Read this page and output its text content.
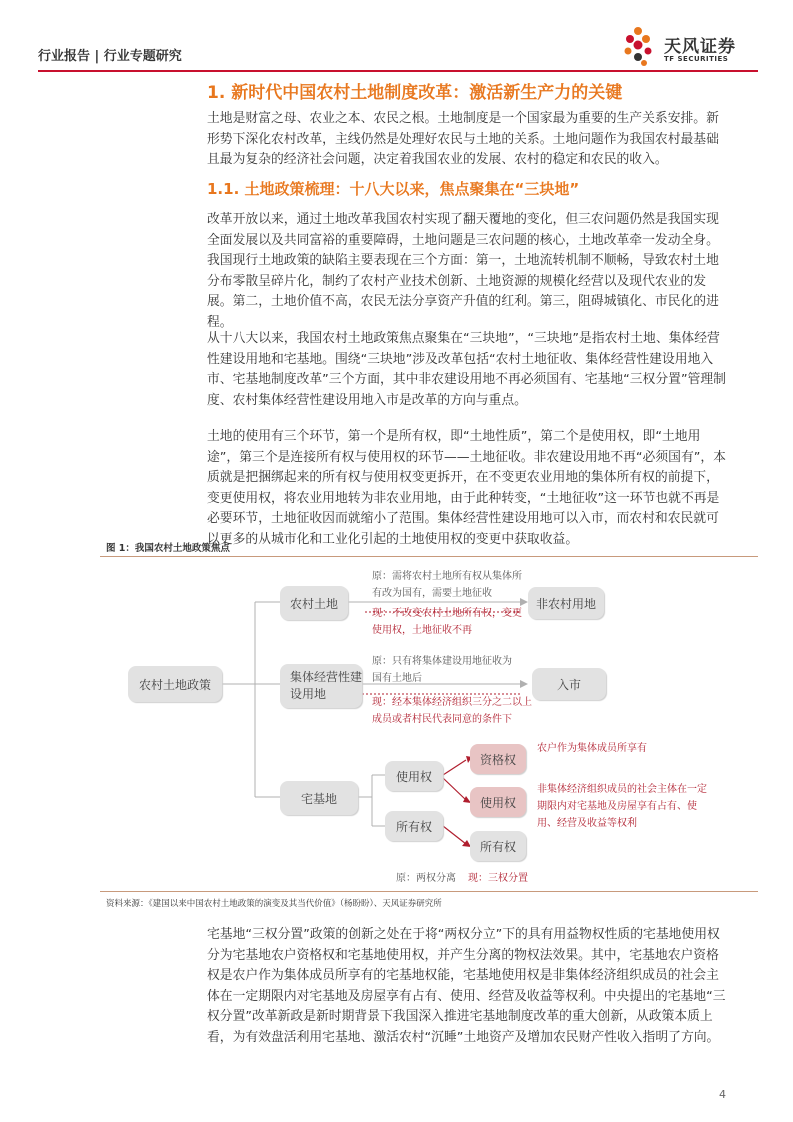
行业报告 | 行业专题研究	天风证券
TF SECURITIES
1. 新时代中国农村土地制度改革：激活新生产力的关键

土地是财富之母、农业之本、农民之根。土地制度是一个国家最为重要的生产关系安排。新形势下深化农村改革，主线仍然是处理好农民与土地的关系。土地问题作为我国农村最基础且最为复杂的经济社会问题，决定着我国农业的发展、农村的稳定和农民的收入。

1.1. 土地政策梳理：十八大以来，焦点聚集在“三块地”

改革开放以来，通过土地改革我国农村实现了翻天覆地的变化，但三农问题仍然是我国实现全面发展以及共同富裕的重要障碍，土地问题是三农问题的核心，土地改革牵一发动全身。我国现行土地政策的缺陷主要表现在三个方面：第一，土地流转机制不顺畅，导致农村土地分布零散呈碎片化，制约了农村产业技术创新、土地资源的规模化经营以及现代农业的发展。第二，土地价值不高，农民无法分享资产升值的红利。第三，阻碍城镇化、市民化的进程。

从十八大以来，我国农村土地政策焦点聚集在“三块地”，“三块地”是指农村土地、集体经营性建设用地和宅基地。围绕“三块地”涉及改革包括“农村土地征收、集体经营性建设用地入市、宅基地制度改革”三个方面，其中非农建设用地不再必须国有、宅基地“三权分置”管理制度、农村集体经营性建设用地入市是改革的方向与重点。

土地的使用有三个环节，第一个是所有权，即“土地性质”，第二个是使用权，即“土地用途”，第三个是连接所有权与使用权的环节——土地征收。非农建设用地不再“必须国有”，本质就是把捆绑起来的所有权与使用权变更拆开，在不变更农业用地的集体所有权的前提下，变更使用权，将农业用地转为非农业用地，由于此种转变，“土地征收”这一环节也就不再是必要环节，土地征收因而就缩小了范围。集体经营性建设用地可以入市，而农村和农民就可以更多的从城市化和工业化引起的土地使用权的变更中获取收益。

图 1：我国农村土地政策焦点
农村土地政策
农村土地
集体经营性建设用地
宅基地
非农村用地
入市
使用权
所有权
资格权
使用权
所有权

原：需将农村土地所有权从集体所有改为国有，需要土地征收

现：不改变农村土地所有权，变更使用权，土地征收不再

原：只有将集体建设用地征收为国有土地后

现：经本集体经济组织三分之二以上成员或者村民代表同意的条件下

农户作为集体成员所享有

非集体经济组织成员的社会主体在一定期限内对宅基地及房屋享有占有、使用、经营及收益等权利

原：两权分离 现：三权分置

资料来源：《建国以来中国农村土地政策的演变及其当代价值》（杨盼盼）、天风证券研究所

宅基地“三权分置”政策的创新之处在于将“两权分立”下的具有用益物权性质的宅基地使用权分为宅基地农户资格权和宅基地使用权，并产生分离的物权法效果。其中，宅基地农户资格权是农户作为集体成员所享有的宅基地权能，宅基地使用权是非集体经济组织成员的社会主体在一定期限内对宅基地及房屋享有占有、使用、经营及收益等权利。中央提出的宅基地“三权分置”改革新政是新时期背景下我国深入推进宅基地制度改革的重大创新，从政策本质上看，为有效盘活利用宅基地、激活农村“沉睡”土地资产及增加农民财产性收入指明了方向。

4
